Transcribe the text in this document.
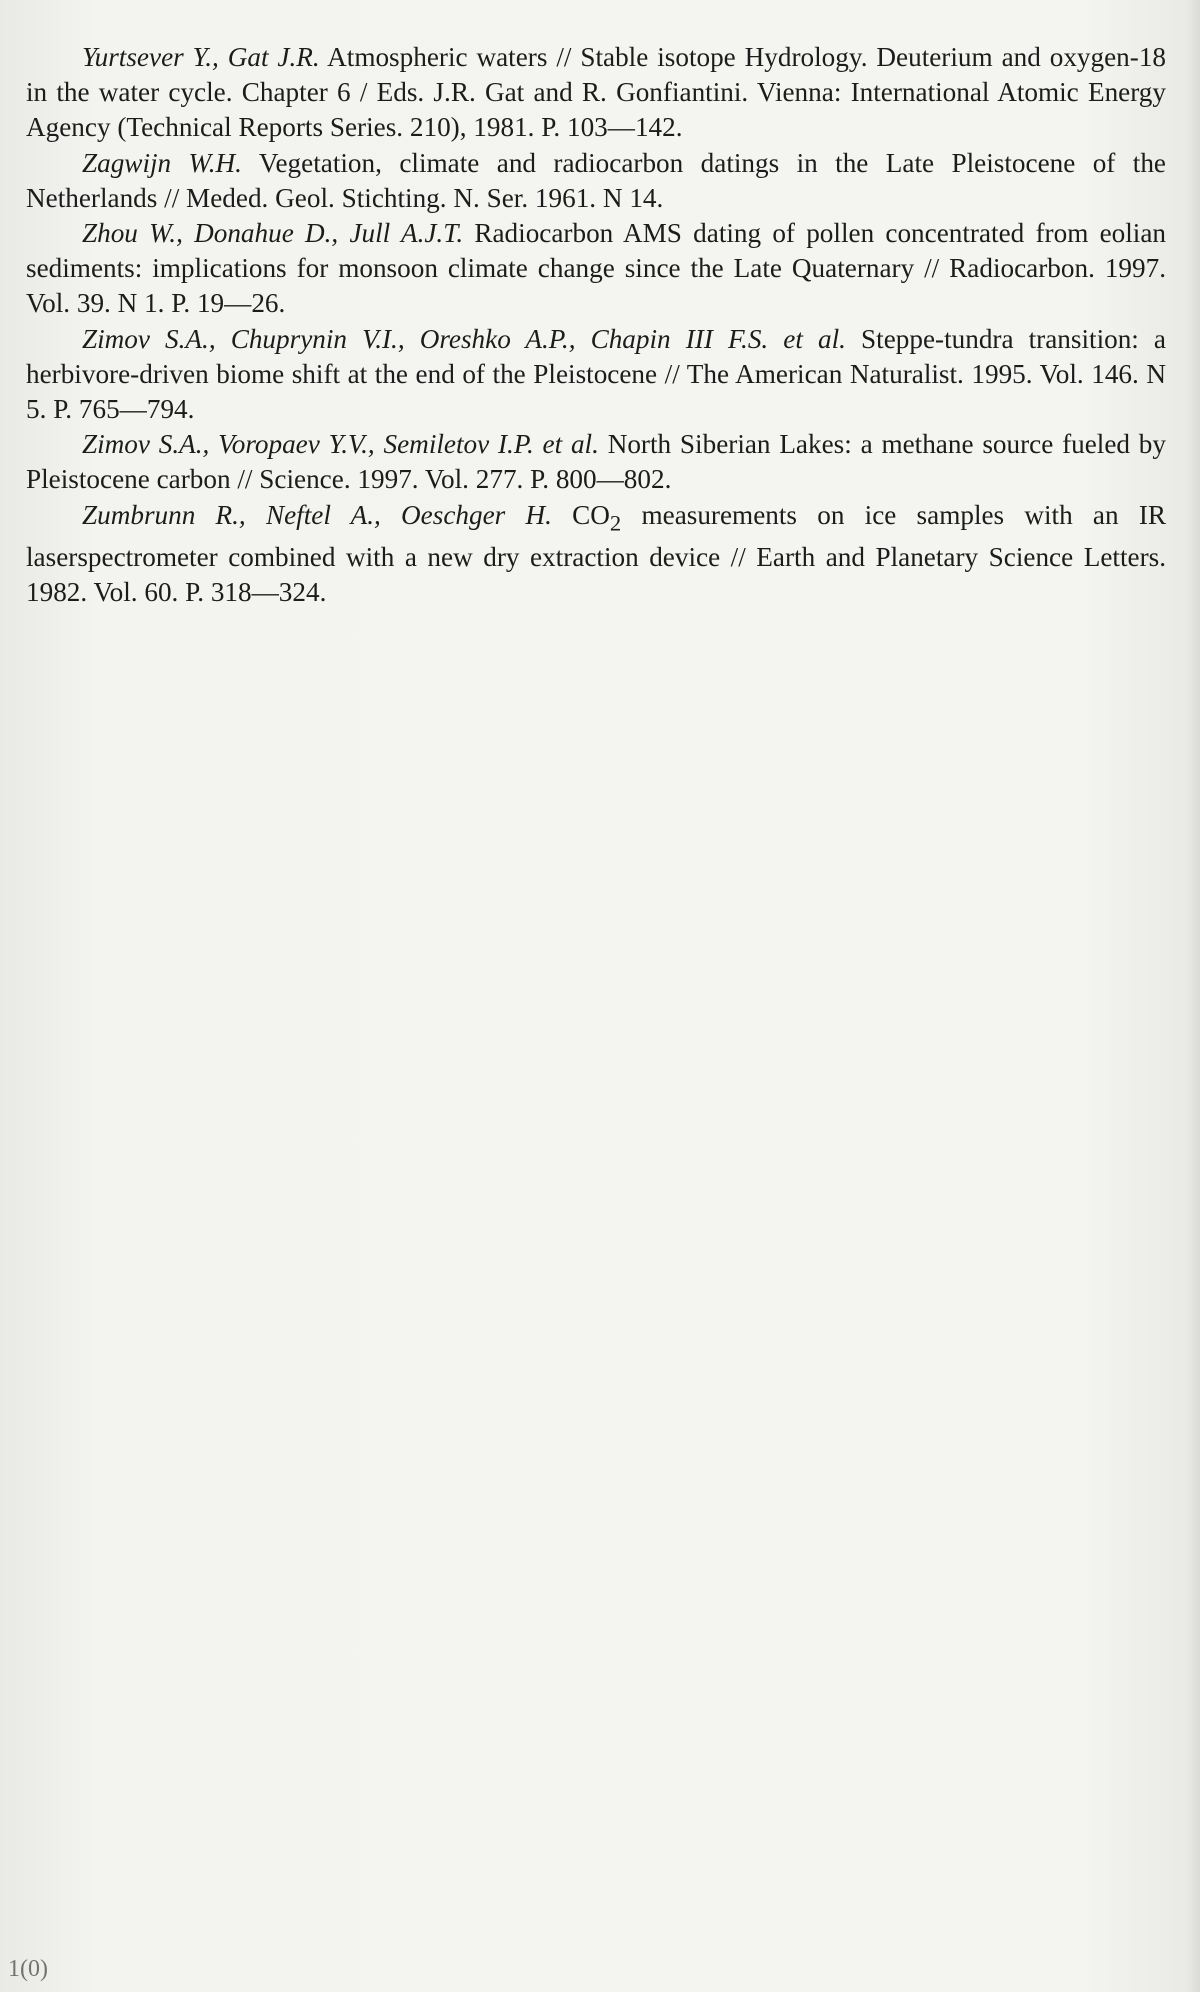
Yurtsever Y., Gat J.R. Atmospheric waters // Stable isotope Hydrology. Deuterium and oxygen-18 in the water cycle. Chapter 6 / Eds. J.R. Gat and R. Gonfiantini. Vienna: International Atomic Energy Agency (Technical Reports Series. 210), 1981. P. 103—142.

Zagwijn W.H. Vegetation, climate and radiocarbon datings in the Late Pleistocene of the Netherlands // Meded. Geol. Stichting. N. Ser. 1961. N 14.

Zhou W., Donahue D., Jull A.J.T. Radiocarbon AMS dating of pollen concentrated from eolian sediments: implications for monsoon climate change since the Late Quaternary // Radiocarbon. 1997. Vol. 39. N 1. P. 19—26.

Zimov S.A., Chuprynin V.I., Oreshko A.P., Chapin III F.S. et al. Steppe-tundra transition: a herbivore-driven biome shift at the end of the Pleistocene // The American Naturalist. 1995. Vol. 146. N 5. P. 765—794.

Zimov S.A., Voropaev Y.V., Semiletov I.P. et al. North Siberian Lakes: a methane source fueled by Pleistocene carbon // Science. 1997. Vol. 277. P. 800—802.

Zumbrunn R., Neftel A., Oeschger H. $CO_2$ measurements on ice samples with an IR laserspectrometer combined with a new dry extraction device // Earth and Planetary Science Letters. 1982. Vol. 60. P. 318—324.

1(0)
